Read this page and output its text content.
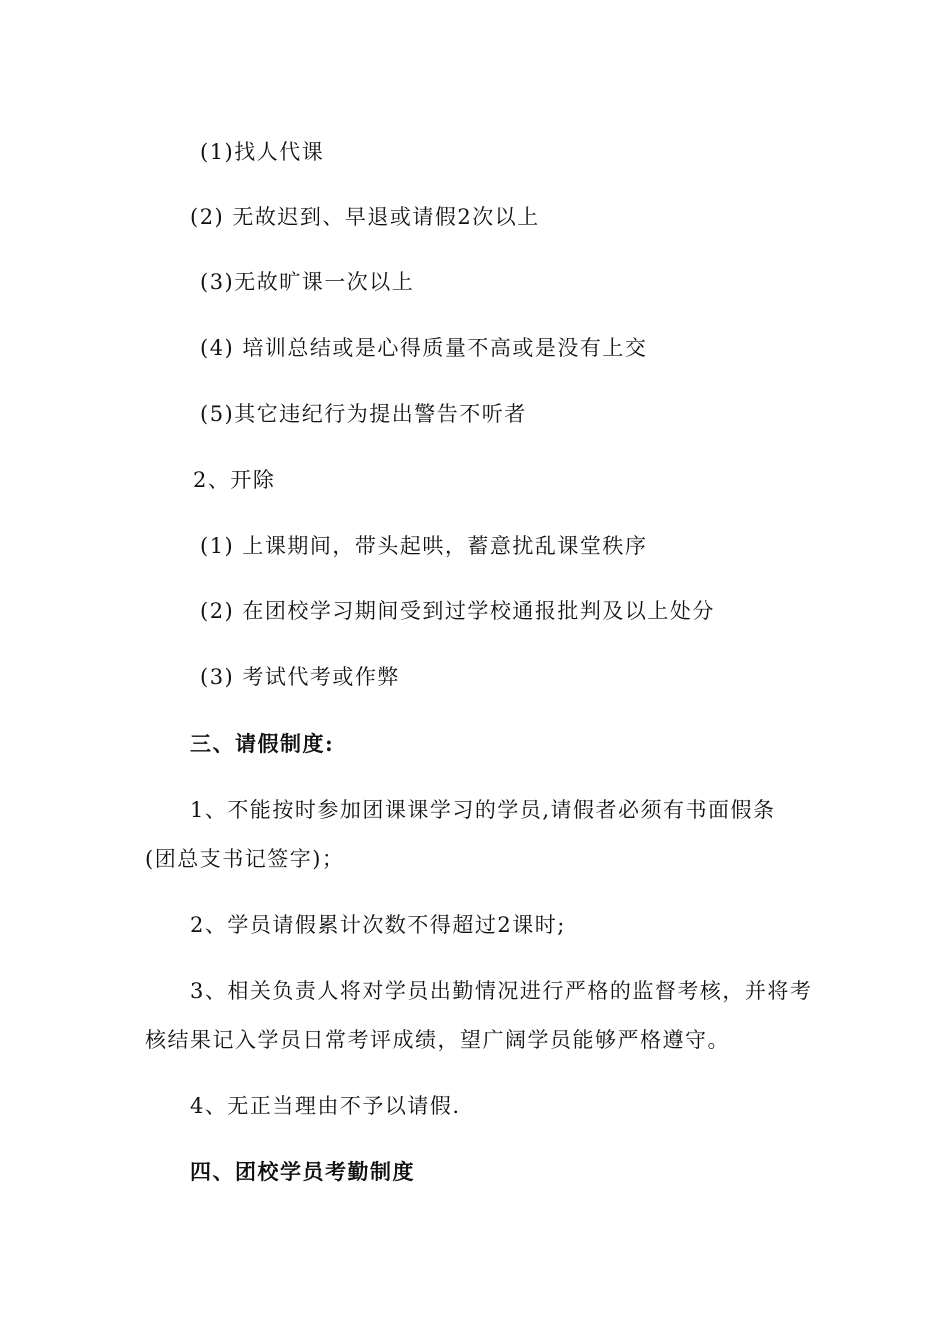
(1)找人代课
(2) 无故迟到、早退或请假2次以上
(3)无故旷课一次以上
(4) 培训总结或是心得质量不高或是没有上交
(5)其它违纪行为提出警告不听者
2、开除
(1) 上课期间，带头起哄，蓄意扰乱课堂秩序
(2) 在团校学习期间受到过学校通报批判及以上处分
(3) 考试代考或作弊
三、请假制度:
1、不能按时参加团课课学习的学员,请假者必须有书面假条
(团总支书记签字)；
2、学员请假累计次数不得超过2课时;
3、相关负责人将对学员出勤情况进行严格的监督考核，并将考
核结果记入学员日常考评成绩，望广阔学员能够严格遵守。
4、无正当理由不予以请假.
四、团校学员考勤制度
